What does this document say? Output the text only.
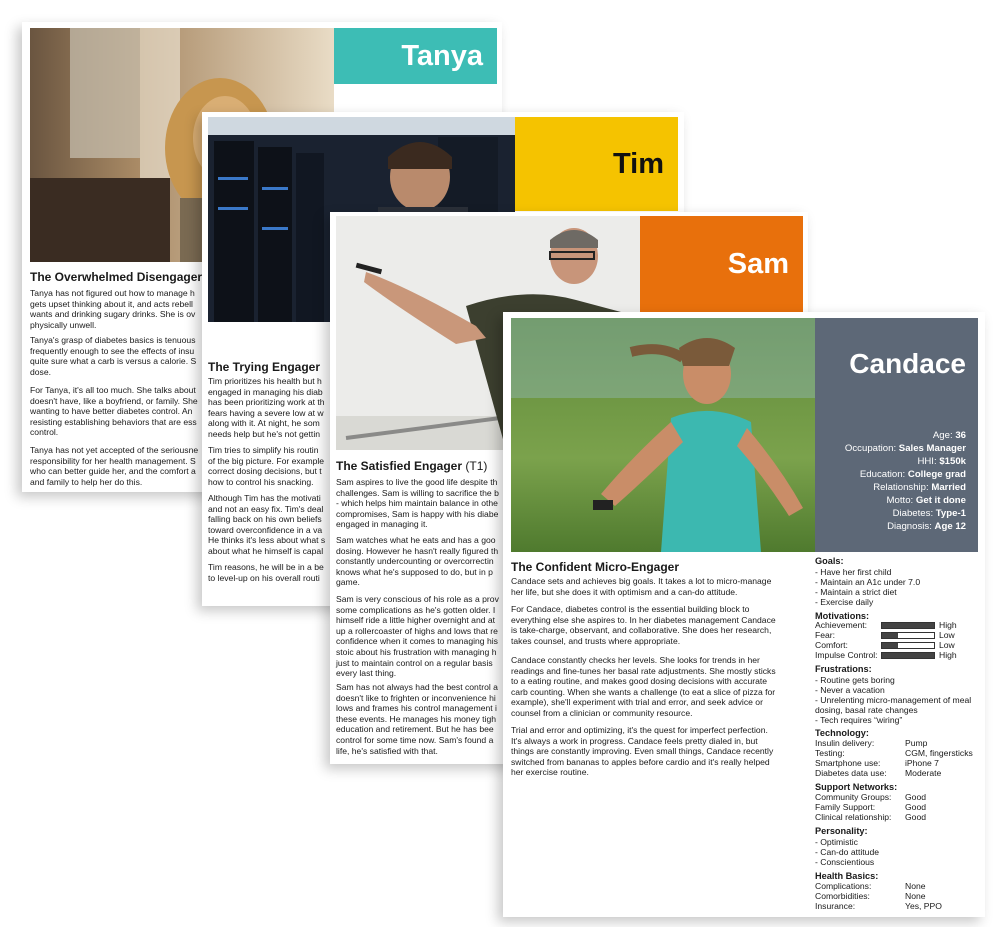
Tanya
The Overwhelmed Disengager
Tanya has not figured out how to manage h
gets upset thinking about it, and acts rebell
wants and drinking sugary drinks. She is ov
physically unwell.
Tanya's grasp of diabetes basics is tenuous
frequently enough to see the effects of insu
quite sure what a carb is versus a calorie. S
dose.
For Tanya, it's all too much. She talks about
doesn't have, like a boyfriend, or family. She
wanting to have better diabetes control. An
resisting establishing behaviors that are ess
control.
Tanya has not yet accepted of the seriousne
responsibility for her health management. S
who can better guide her, and the comfort a
and family to help her do this.
Tim
The Trying Engager
Tim prioritizes his health but h
engaged in managing his diab
has been prioritizing work at th
fears having a severe low at w
along with it. At night, he som
needs help but he's not gettin
Tim tries to simplify his routin
of the big picture. For example
correct dosing decisions, but t
how to control his snacking.
Although Tim has the motivati
and not an easy fix. Tim's deal
falling back on his own beliefs
toward overconfidence in a va
He thinks it's less about what s
about what he himself is capal
Tim reasons, he will be in a be
to level-up on his overall routi
Sam
The Satisfied Engager (T1)
Sam aspires to live the good life despite th
challenges. Sam is willing to sacrifice the b
- which helps him maintain balance in othe
compromises, Sam is happy with his diabe
engaged in managing it.
Sam watches what he eats and has a goo
dosing. However he hasn't really figured th
constantly undercounting or overcorrectin
knows what he's supposed to do, but in p
game.
Sam is very conscious of his role as a prov
some complications as he's gotten older. I
himself ride a little higher overnight and at
up a rollercoaster of highs and lows that re
confidence when it comes to managing his
stoic about his frustration with managing h
just to maintain control on a regular basis
every last thing.
Sam has not always had the best control a
doesn't like to frighten or inconvenience hi
lows and frames his control management i
these events. He manages his money tigh
education and retirement. But he has bee
control for some time now. Sam's found a
life, he's satisfied with that.
Candace
Age: 36
Occupation: Sales Manager
HHI: $150k
Education: College grad
Relationship: Married
Motto: Get it done
Diabetes: Type-1
Diagnosis: Age 12
The Confident Micro-Engager
Candace sets and achieves big goals. It takes a lot to micro-manage
her life, but she does it with optimism and a can-do attitude.
For Candace, diabetes control is the essential building block to
everything else she aspires to. In her diabetes management Candace
is take-charge, observant, and collaborative. She does her research,
takes counsel, and trusts where appropriate.
Candace constantly checks her levels. She looks for trends in her
readings and fine-tunes her basal rate adjustments. She mostly sticks
to a eating routine, and makes good dosing decisions with accurate
carb counting. When she wants a challenge (to eat a slice of pizza for
example), she'll experiment with trial and error, and seek advice or
counsel from a clinician or community resource.
Trial and error and optimizing, it's the quest for imperfect perfection.
It's always a work in progress. Candace feels pretty dialed in, but
things are constantly improving. Even small things, Candace recently
switched from bananas to apples before cardio and it's really helped
her exercise routine.
Goals:
- Have her first child
- Maintain an A1c under 7.0
- Maintain a strict diet
- Exercise daily
Motivations:
Achievement:	High
Fear:	Low
Comfort:	Low
Impulse Control:	High
Frustrations:
- Routine gets boring
- Never a vacation
- Unrelenting micro-management of meal
dosing, basal rate changes
- Tech requires “wiring”
Technology:
Insulin delivery:	Pump
Testing:	CGM, fingersticks
Smartphone use:	iPhone 7
Diabetes data use: Moderate
Support Networks:
Community Groups: Good
Family Support:	Good
Clinical relationship: Good
Personality:
- Optimistic
- Can-do attitude
- Conscientious
Health Basics:
Complications:	None
Comorbidities:	None
Insurance:	Yes, PPO
